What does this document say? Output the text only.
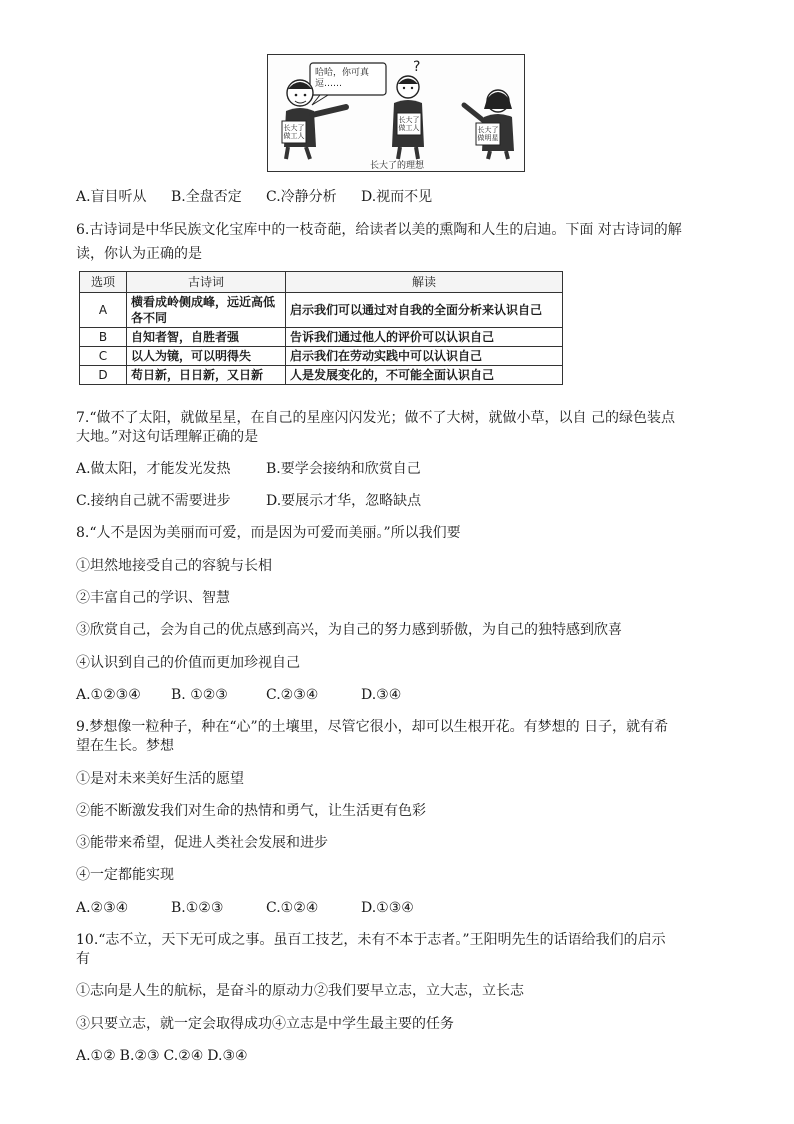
?
哈哈，你可真逗……
长大了做工人
长大了做工人	长大了做明星
长大了的理想
A.盲目听从 B.全盘否定 C.冷静分析 D.视而不见
6.古诗词是中华民族文化宝库中的一枝奇葩，给读者以美的熏陶和人生的启迪。下面 对古诗词的解
读，你认为正确的是
选项	古诗词	解读
A	横看成岭侧成峰，远近高低各不同	启示我们可以通过对自我的全面分析来认识自己
B	自知者智，自胜者强	告诉我们通过他人的评价可以认识自己
C	以人为镜，可以明得失	启示我们在劳动实践中可以认识自己
D	苟日新，日日新，又日新	人是发展变化的，不可能全面认识自己
7.“做不了太阳，就做星星，在自己的星座闪闪发光；做不了大树，就做小草，以自 己的绿色装点
大地。”对这句话理解正确的是
A.做太阳，才能发光发热	B.要学会接纳和欣赏自己
C.接纳自己就不需要进步	D.要展示才华，忽略缺点
8.“人不是因为美丽而可爱，而是因为可爱而美丽。”所以我们要
①坦然地接受自己的容貌与长相
②丰富自己的学识、智慧
③欣赏自己，会为自己的优点感到高兴，为自己的努力感到骄傲，为自己的独特感到欣喜
④认识到自己的价值而更加珍视自己
A.①②③④ B. ①②③	C.②③④	D.③④
9.梦想像一粒种子，种在“心”的土壤里，尽管它很小，却可以生根开花。有梦想的 日子，就有希
望在生长。梦想
①是对未来美好生活的愿望
②能不断激发我们对生命的热情和勇气，让生活更有色彩
③能带来希望，促进人类社会发展和进步
④一定都能实现
A.②③④	B.①②③	C.①②④	D.①③④
10.“志不立，天下无可成之事。虽百工技艺，未有不本于志者。”王阳明先生的话语给我们的启示
有
①志向是人生的航标，是奋斗的原动力②我们要早立志，立大志，立长志
③只要立志，就一定会取得成功④立志是中学生最主要的任务
A.①② B.②③ C.②④ D.③④
